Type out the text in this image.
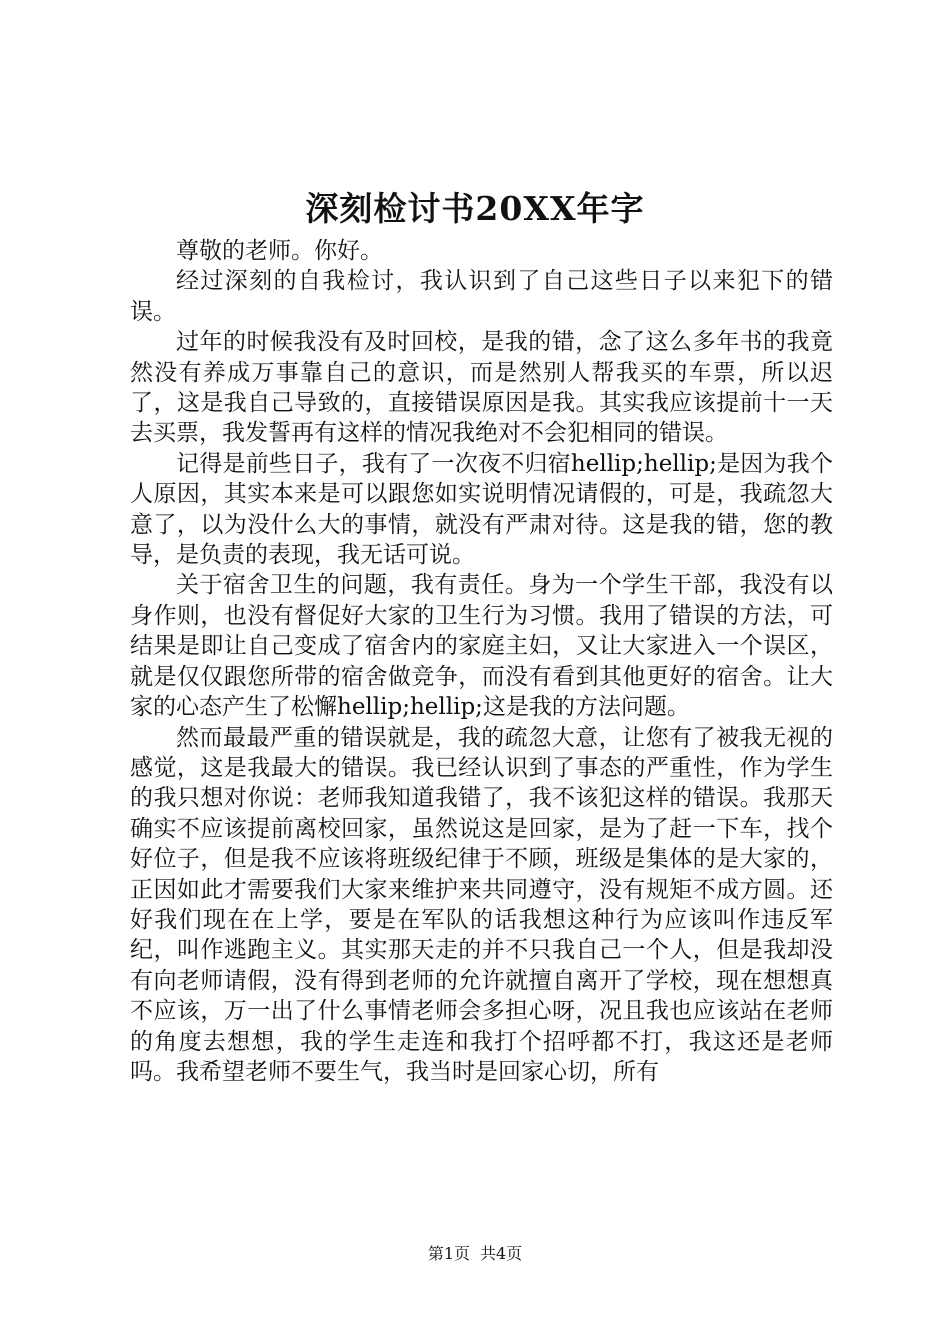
深刻检讨书20XX年字

尊敬的老师。你好。

经过深刻的自我检讨，我认识到了自己这些日子以来犯下的错误。

过年的时候我没有及时回校，是我的错，念了这么多年书的我竟然没有养成万事靠自己的意识，而是然别人帮我买的车票，所以迟了，这是我自己导致的，直接错误原因是我。其实我应该提前十一天去买票，我发誓再有这样的情况我绝对不会犯相同的错误。

记得是前些日子，我有了一次夜不归宿hellip;hellip;是因为我个人原因，其实本来是可以跟您如实说明情况请假的，可是，我疏忽大意了，以为没什么大的事情，就没有严肃对待。这是我的错，您的教导，是负责的表现，我无话可说。

关于宿舍卫生的问题，我有责任。身为一个学生干部，我没有以身作则，也没有督促好大家的卫生行为习惯。我用了错误的方法，可结果是即让自己变成了宿舍内的家庭主妇，又让大家进入一个误区，就是仅仅跟您所带的宿舍做竞争，而没有看到其他更好的宿舍。让大家的心态产生了松懈hellip;hellip;这是我的方法问题。

然而最最严重的错误就是，我的疏忽大意，让您有了被我无视的感觉，这是我最大的错误。我已经认识到了事态的严重性，作为学生的我只想对你说：老师我知道我错了，我不该犯这样的错误。我那天确实不应该提前离校回家，虽然说这是回家，是为了赶一下车，找个好位子，但是我不应该将班级纪律于不顾，班级是集体的是大家的，正因如此才需要我们大家来维护来共同遵守，没有规矩不成方圆。还好我们现在在上学，要是在军队的话我想这种行为应该叫作违反军纪，叫作逃跑主义。其实那天走的并不只我自己一个人，但是我却没有向老师请假，没有得到老师的允许就擅自离开了学校，现在想想真不应该，万一出了什么事情老师会多担心呀，况且我也应该站在老师的角度去想想，我的学生走连和我打个招呼都不打，我这还是老师吗。我希望老师不要生气，我当时是回家心切，所有

第1页 共4页
